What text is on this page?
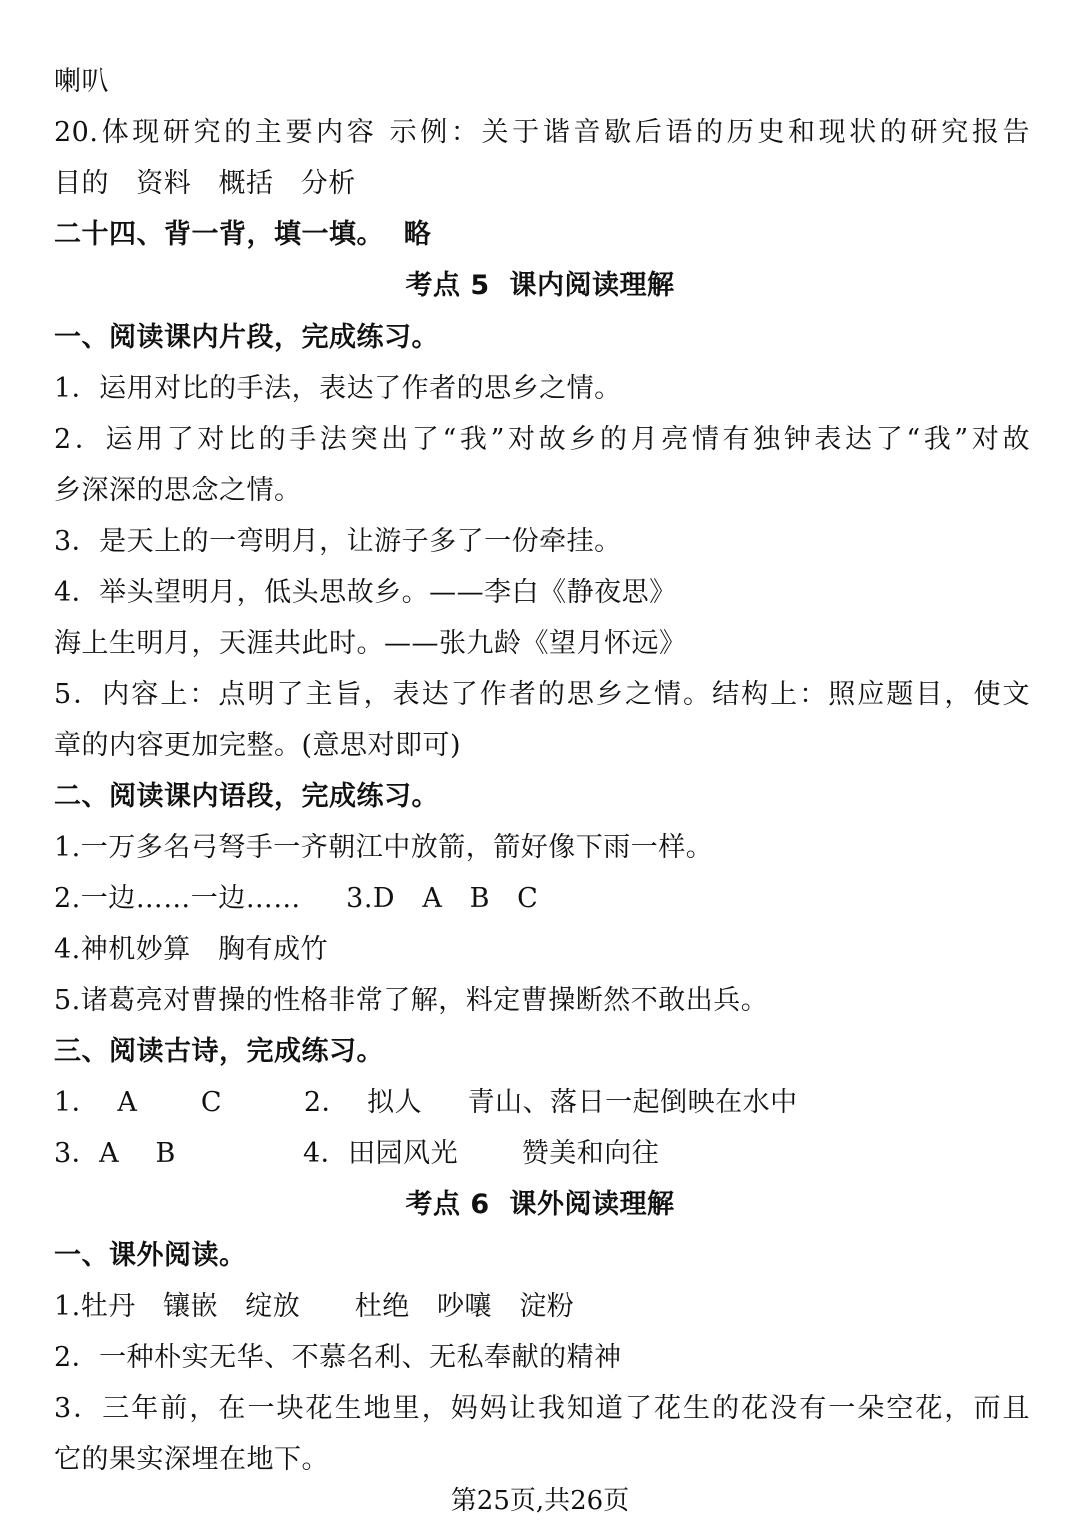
喇叭
20.体现研究的主要内容 示例：关于谐音歇后语的历史和现状的研究报告
目的   资料   概括   分析
二十四、背一背，填一填。  略
考点 5  课内阅读理解
一、阅读课内片段，完成练习。
1．运用对比的手法，表达了作者的思乡之情。
2．运用了对比的手法突出了“我”对故乡的月亮情有独钟表达了“我”对故
乡深深的思念之情。
3．是天上的一弯明月，让游子多了一份牵挂。
4．举头望明月，低头思故乡。——李白《静夜思》
海上生明月，天涯共此时。——张九龄《望月怀远》
5．内容上：点明了主旨，表达了作者的思乡之情。结构上：照应题目，使文
章的内容更加完整。(意思对即可)
二、阅读课内语段，完成练习。
1.一万多名弓弩手一齐朝江中放箭，箭好像下雨一样。
2.一边……一边……     3.D   A   B   C
4.神机妙算   胸有成竹
5.诸葛亮对曹操的性格非常了解，料定曹操断然不敢出兵。
三、阅读古诗，完成练习。
1．  A       C         2．  拟人     青山、落日一起倒映在水中
3．A    B              4．田园风光       赞美和向往
考点 6  课外阅读理解
一、课外阅读。
1.牡丹   镶嵌   绽放      杜绝   吵嚷   淀粉
2．一种朴实无华、不慕名利、无私奉献的精神
3．三年前，在一块花生地里，妈妈让我知道了花生的花没有一朵空花，而且
它的果实深埋在地下。
第25页,共26页
